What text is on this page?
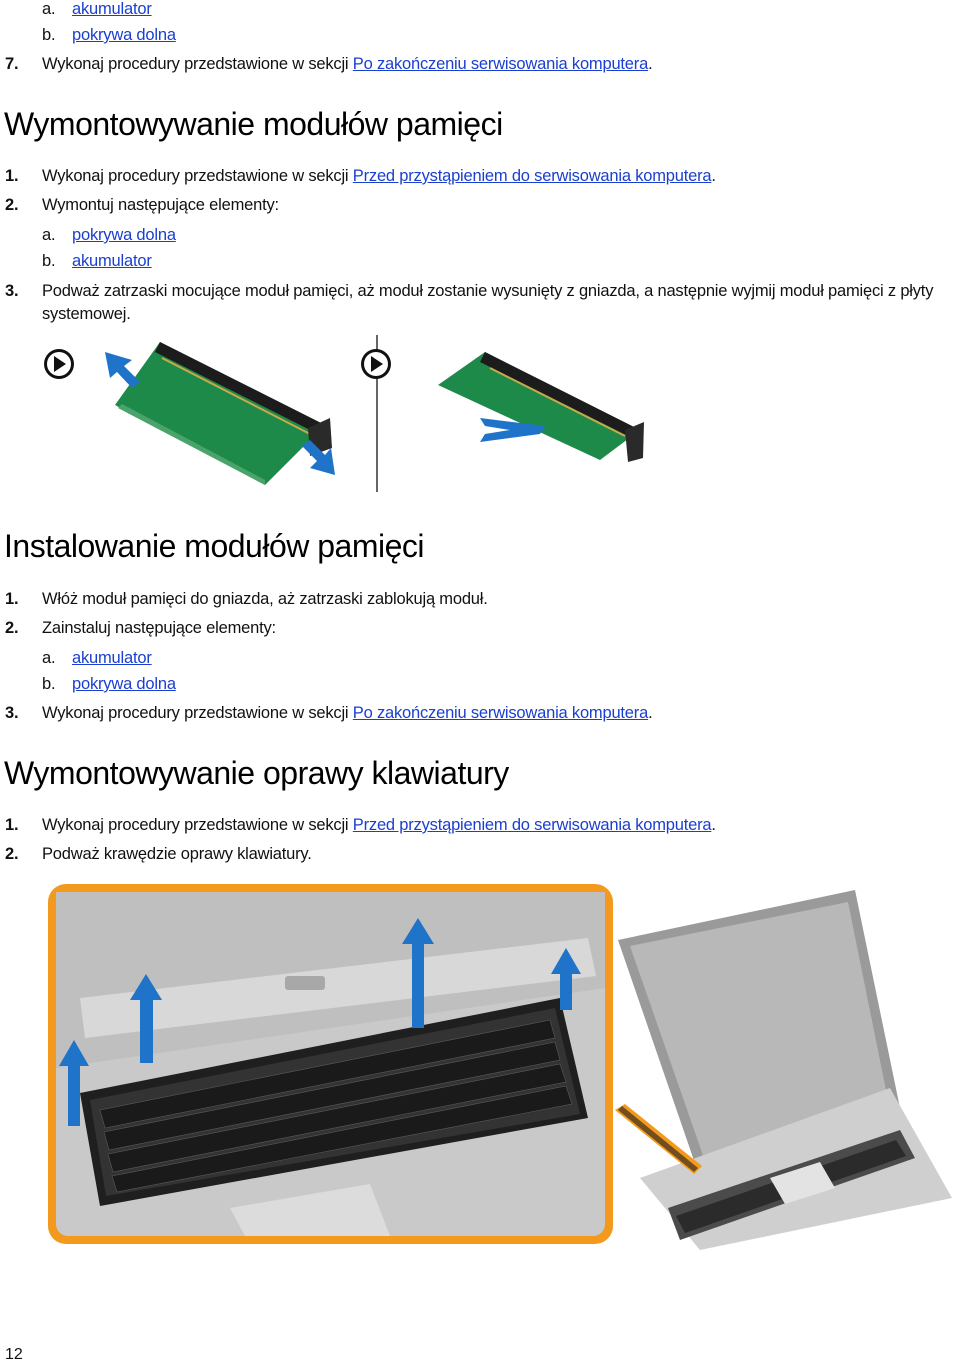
a. akumulator
b. pokrywa dolna
7. Wykonaj procedury przedstawione w sekcji Po zakończeniu serwisowania komputera.
Wymontowywanie modułów pamięci
1. Wykonaj procedury przedstawione w sekcji Przed przystąpieniem do serwisowania komputera.
2. Wymontuj następujące elementy:
a. pokrywa dolna
b. akumulator
3. Podważ zatrzaski mocujące moduł pamięci, aż moduł zostanie wysunięty z gniazda, a następnie wyjmij moduł pamięci z płyty systemowej.
Instalowanie modułów pamięci
1. Włóż moduł pamięci do gniazda, aż zatrzaski zablokują moduł.
2. Zainstaluj następujące elementy:
a. akumulator
b. pokrywa dolna
3. Wykonaj procedury przedstawione w sekcji Po zakończeniu serwisowania komputera.
Wymontowywanie oprawy klawiatury
1. Wykonaj procedury przedstawione w sekcji Przed przystąpieniem do serwisowania komputera.
2. Podważ krawędzie oprawy klawiatury.
12
